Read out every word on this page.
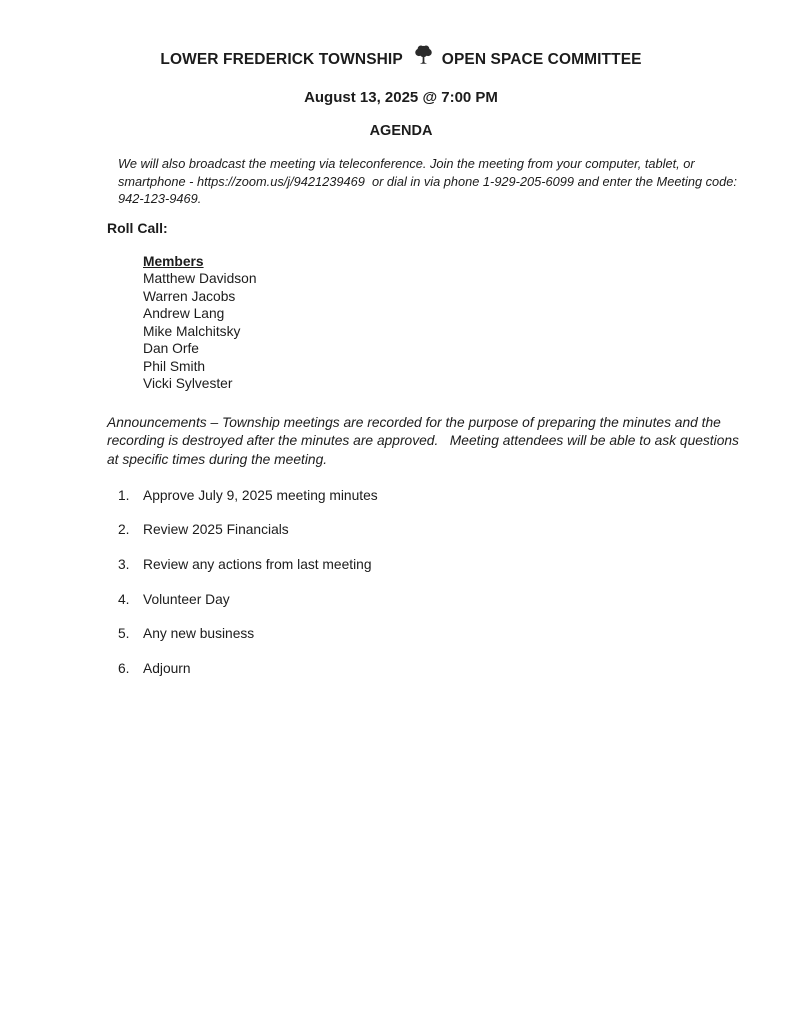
LOWER FREDERICK TOWNSHIP	OPEN SPACE COMMITTEE
August 13, 2025 @ 7:00 PM
AGENDA

We will also broadcast the meeting via teleconference. Join the meeting from your computer, tablet, or smartphone - https://zoom.us/j/9421239469  or dial in via phone 1-929-205-6099 and enter the Meeting code: 942-123-9469.

Roll Call:
Members
Matthew Davidson
Warren Jacobs
Andrew Lang
Mike Malchitsky
Dan Orfe
Phil Smith
Vicki Sylvester

Announcements – Township meetings are recorded for the purpose of preparing the minutes and the recording is destroyed after the minutes are approved.   Meeting attendees will be able to ask questions at specific times during the meeting.

1. Approve July 9, 2025 meeting minutes
2. Review 2025 Financials
3. Review any actions from last meeting
4. Volunteer Day
5. Any new business
6. Adjourn
